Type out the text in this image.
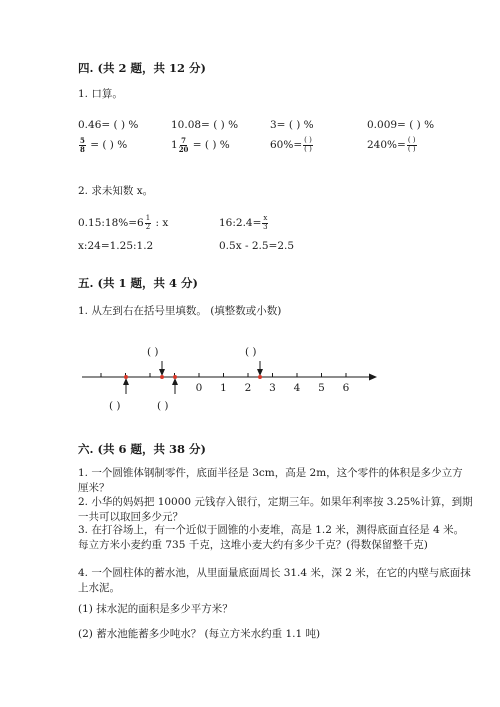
四. (共 2 题，共 12 分)
1. 口算。
0.46= ( ) %	10.08= ( ) %	3= ( ) %	0.009= ( ) %
$\frac{5}{8}$ = ( ) %	$1 \frac{7}{20}$ = ( ) %	$60\%= \frac{( )}{( )}$	$240\%= \frac{( )}{( )}$
2. 求未知数 x。
0.15:18%=6 $\frac{1}{2}$ : x	16:2.4= $\frac{x}{3}$
x:24=1.25:1.2	0.5x - 2.5=2.5
五. (共 1 题，共 4 分)
1. 从左到右在括号里填数。 (填整数或小数)
( )	( )
( )	( )
0 1 2 3 4 5 6
六. (共 6 题，共 38 分)
1. 一个圆锥体钢制零件，底面半径是 3cm，高是 2m，这个零件的体积是多少立方厘米？
2. 小华的妈妈把 10000 元钱存入银行，定期三年。如果年利率按 3.25%计算，到期一共可以取回多少元？
3. 在打谷场上，有一个近似于圆锥的小麦堆，高是 1.2 米，测得底面直径是 4 米。每立方米小麦约重 735 千克，这堆小麦大约有多少千克？(得数保留整千克)
4. 一个圆柱体的蓄水池，从里面量底面周长 31.4 米，深 2 米，在它的内壁与底面抹上水泥。
(1) 抹水泥的面积是多少平方米？
(2) 蓄水池能蓄多少吨水？ (每立方米水约重 1.1 吨)
